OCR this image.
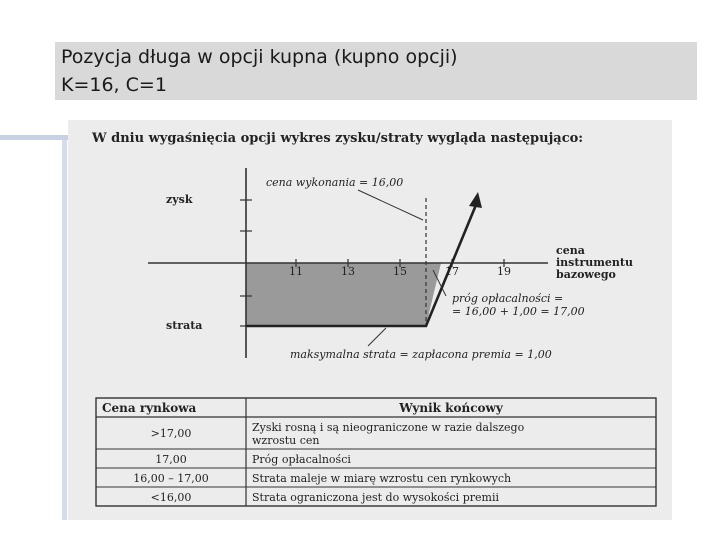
Pozycja długa w opcji kupna (kupno opcji)
K=16, C=1
W dniu wygaśnięcia opcji wykres zysku/straty wygląda następująco:
11	13	15	17	19
zysk
strata
cena
instrumentu
bazowego
cena wykonania = 16,00
próg opłacalności =
= 16,00 + 1,00 = 17,00
maksymalna strata = zapłacona premia = 1,00
Cena rynkowa	Wynik końcowy
>17,00	Zyski rosną i są nieograniczone w razie dalszego
wzrostu cen
17,00	Próg opłacalności
16,00 – 17,00	Strata maleje w miarę wzrostu cen rynkowych
<16,00	Strata ograniczona jest do wysokości premii
